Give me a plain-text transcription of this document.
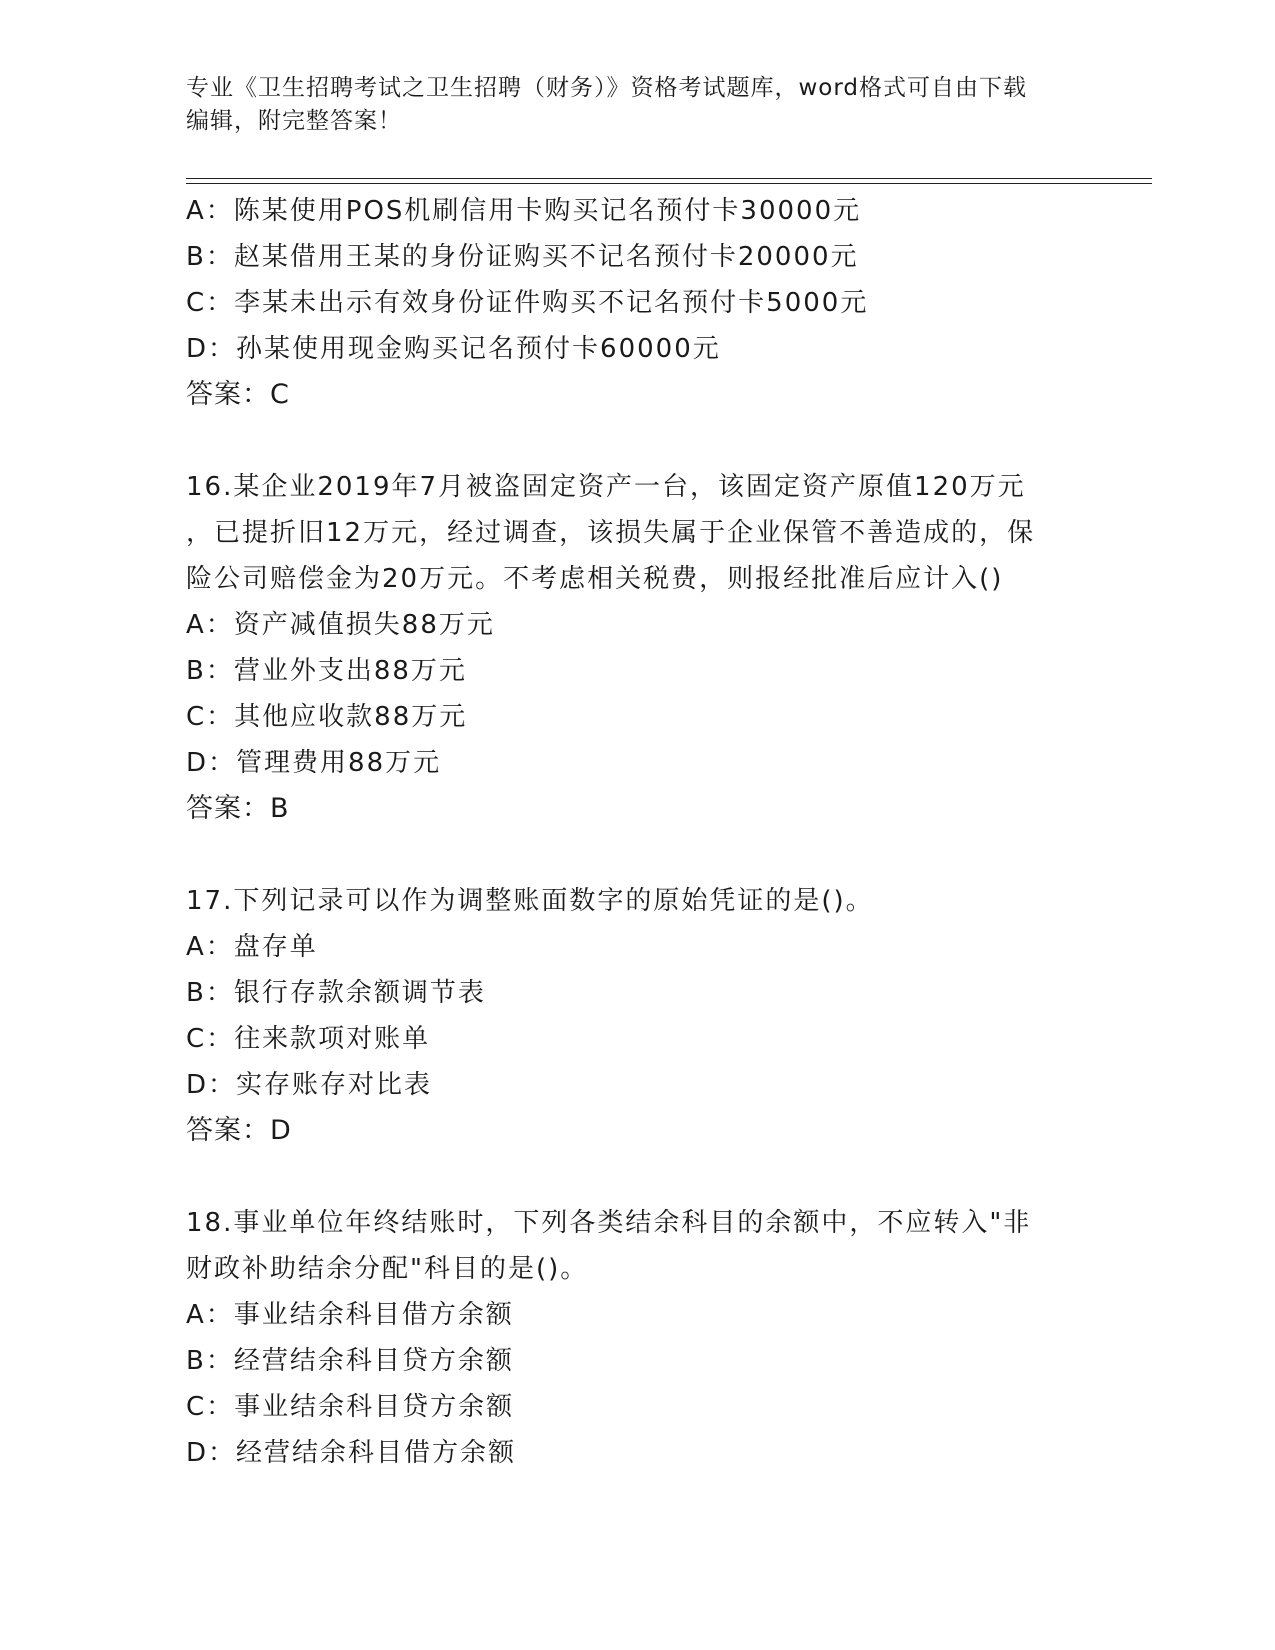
专业《卫生招聘考试之卫生招聘（财务）》资格考试题库，word格式可自由下载
编辑，附完整答案！
A：陈某使用POS机刷信用卡购买记名预付卡30000元
B：赵某借用王某的身份证购买不记名预付卡20000元
C：李某未出示有效身份证件购买不记名预付卡5000元
D：孙某使用现金购买记名预付卡60000元
答案：C
16.某企业2019年7月被盗固定资产一台，该固定资产原值120万元
，已提折旧12万元，经过调查，该损失属于企业保管不善造成的，保
险公司赔偿金为20万元。不考虑相关税费，则报经批准后应计入()
A：资产减值损失88万元
B：营业外支出88万元
C：其他应收款88万元
D：管理费用88万元
答案：B
17.下列记录可以作为调整账面数字的原始凭证的是()。
A：盘存单
B：银行存款余额调节表
C：往来款项对账单
D：实存账存对比表
答案：D
18.事业单位年终结账时，下列各类结余科目的余额中，不应转入"非
财政补助结余分配"科目的是()。
A：事业结余科目借方余额
B：经营结余科目贷方余额
C：事业结余科目贷方余额
D：经营结余科目借方余额
